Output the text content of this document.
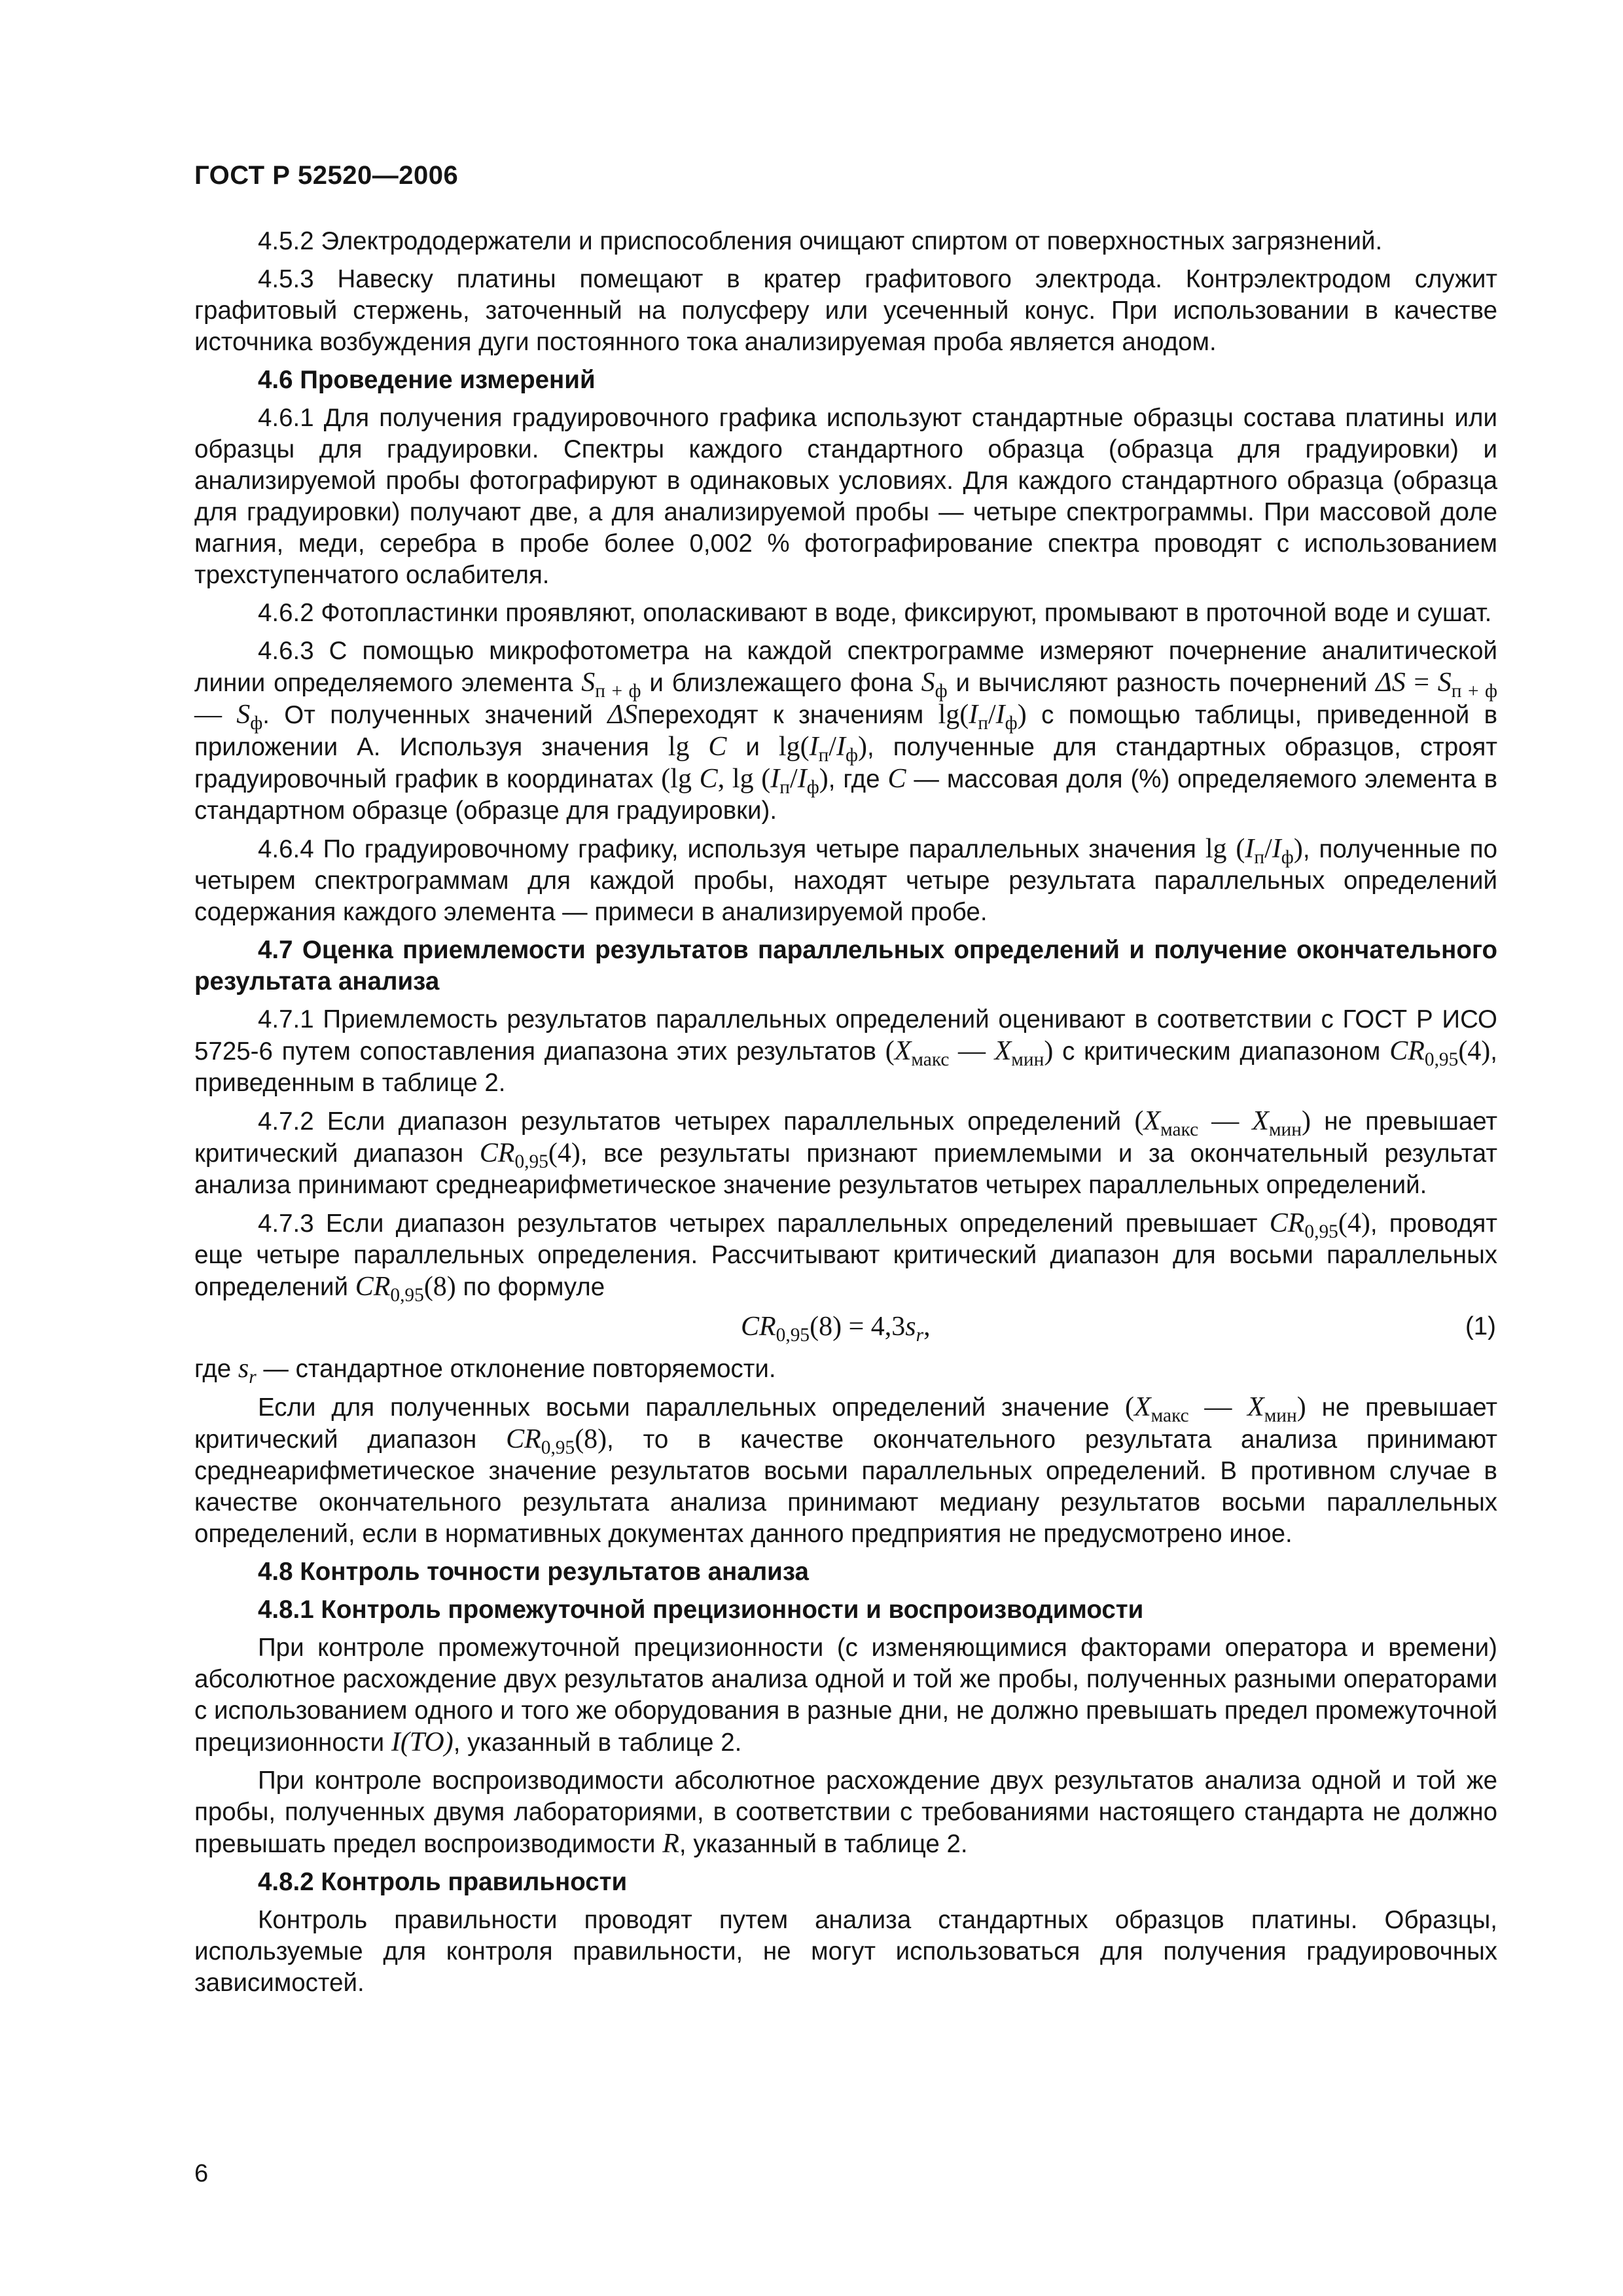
ГОСТ Р 52520—2006

4.5.2 Электрододержатели и приспособления очищают спиртом от поверхностных загрязнений.

4.5.3 Навеску платины помещают в кратер графитового электрода. Контрэлектродом служит графитовый стержень, заточенный на полусферу или усеченный конус. При использовании в качестве источника возбуждения дуги постоянного тока анализируемая проба является анодом.

4.6 Проведение измерений

4.6.1 Для получения градуировочного графика используют стандартные образцы состава платины или образцы для градуировки. Спектры каждого стандартного образца (образца для градуировки) и анализируемой пробы фотографируют в одинаковых условиях. Для каждого стандартного образца (образца для градуировки) получают две, а для анализируемой пробы — четыре спектрограммы. При массовой доле магния, меди, серебра в пробе более 0,002 % фотографирование спектра проводят с использованием трехступенчатого ослабителя.

4.6.2 Фотопластинки проявляют, ополаскивают в воде, фиксируют, промывают в проточной воде и сушат.

4.6.3 С помощью микрофотометра на каждой спектрограмме измеряют почернение аналитической линии определяемого элемента $S_{п + ф}$ и близлежащего фона $S_ф$ и вычисляют разность почернений $\Delta S = S_{п + ф}$ — $S_ф$. От полученных значений ΔSпереходят к значениям $\lg(I_п/I_ф)$ с помощью таблицы, приведенной в приложении А. Используя значения lg C и $\lg(I_п/I_ф)$, полученные для стандартных образцов, строят градуировочный график в координатах (lg C, $\lg (I_п/I_ф)$, где C — массовая доля (%) определяемого элемента в стандартном образце (образце для градуировки).

4.6.4 По градуировочному графику, используя четыре параллельных значения $\lg (I_п/I_ф)$, полученные по четырем спектрограммам для каждой пробы, находят четыре результата параллельных определений содержания каждого элемента — примеси в анализируемой пробе.

4.7 Оценка приемлемости результатов параллельных определений и получение окончательного результата анализа

4.7.1 Приемлемость результатов параллельных определений оценивают в соответствии с ГОСТ Р ИСО 5725-6 путем сопоставления диапазона этих результатов ($X_{макс}$ — $X_{мин}$) с критическим диапазоном $CR_{0,95}(4)$, приведенным в таблице 2.

4.7.2 Если диапазон результатов четырех параллельных определений ($X_{макс}$ — $X_{мин}$) не превышает критический диапазон $CR_{0,95}(4)$, все результаты признают приемлемыми и за окончательный результат анализа принимают среднеарифметическое значение результатов четырех параллельных определений.

4.7.3 Если диапазон результатов четырех параллельных определений превышает $CR_{0,95}(4)$, проводят еще четыре параллельных определения. Рассчитывают критический диапазон для восьми параллельных определений $CR_{0,95}(8)$ по формуле

$CR_{0,95}(8) = 4,3s_r$,	(1)

где $s_r$ — стандартное отклонение повторяемости.

Если для полученных восьми параллельных определений значение ($X_{макс}$ — $X_{мин}$) не превышает критический диапазон $CR_{0,95}(8)$, то в качестве окончательного результата анализа принимают среднеарифметическое значение результатов восьми параллельных определений. В противном случае в качестве окончательного результата анализа принимают медиану результатов восьми параллельных определений, если в нормативных документах данного предприятия не предусмотрено иное.

4.8 Контроль точности результатов анализа

4.8.1 Контроль промежуточной прецизионности и воспроизводимости

При контроле промежуточной прецизионности (с изменяющимися факторами оператора и времени) абсолютное расхождение двух результатов анализа одной и той же пробы, полученных разными операторами с использованием одного и того же оборудования в разные дни, не должно превышать предел промежуточной прецизионности I(TO), указанный в таблице 2.

При контроле воспроизводимости абсолютное расхождение двух результатов анализа одной и той же пробы, полученных двумя лабораториями, в соответствии с требованиями настоящего стандарта не должно превышать предел воспроизводимости R, указанный в таблице 2.

4.8.2 Контроль правильности

Контроль правильности проводят путем анализа стандартных образцов платины. Образцы, используемые для контроля правильности, не могут использоваться для получения градуировочных зависимостей.

6
